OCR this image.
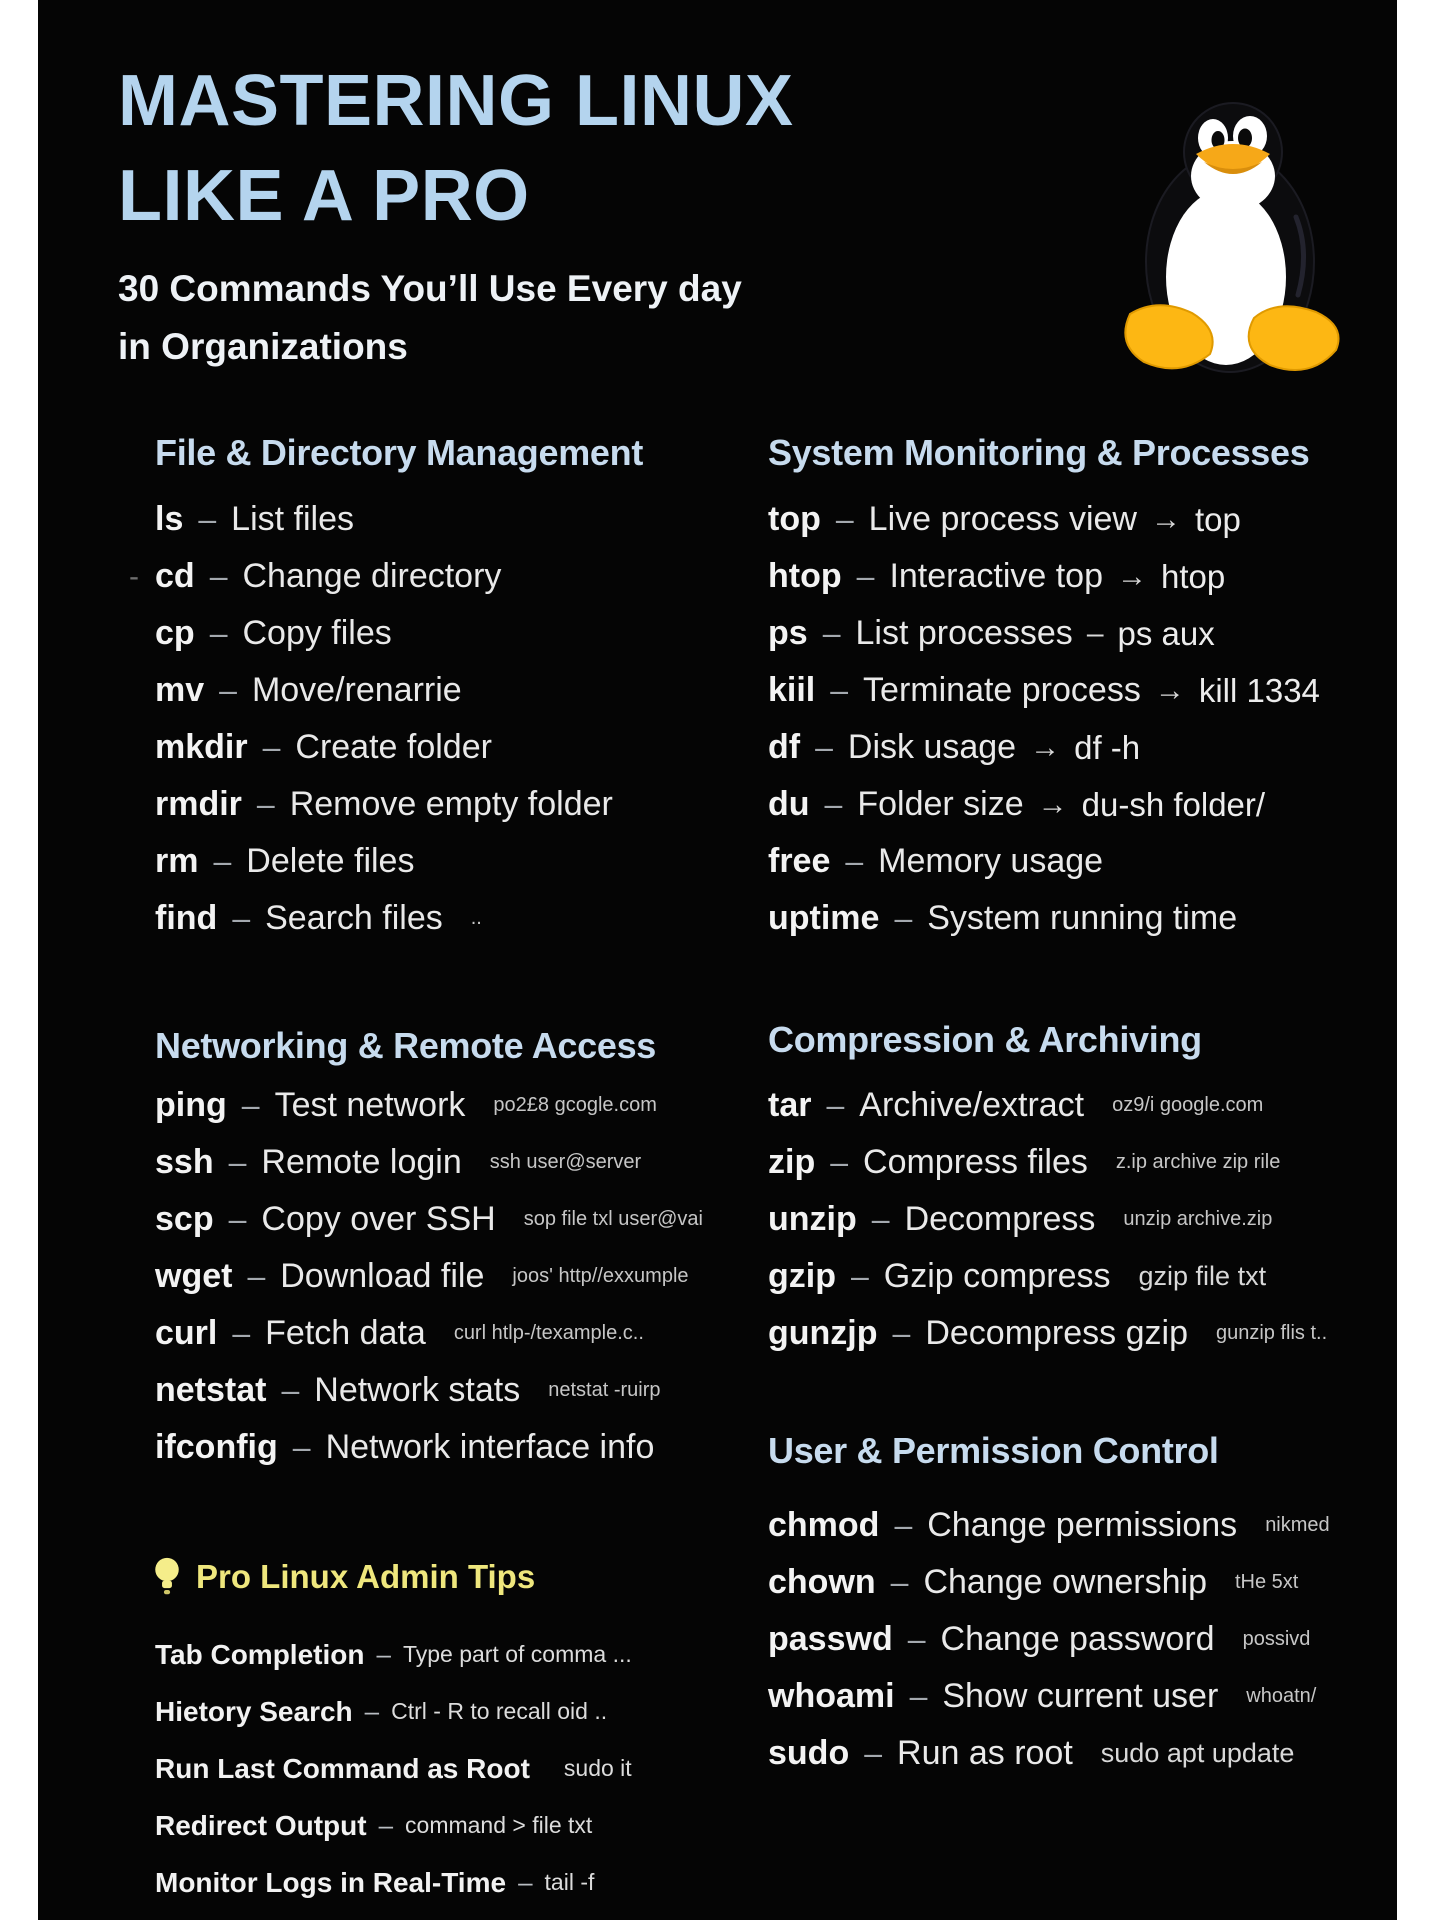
MASTERING LINUX
LIKE A PRO
30 Commands You’ll Use Every day
in Organizations
File & Directory Management
ls – List files
- cd – Change directory
cp – Copy files
mv – Move/renarrie
mkdir – Create folder
rmdir – Remove empty folder
rm – Delete files
find – Search files ..
System Monitoring & Processes
top – Live process view → top
htop – Interactive top → htop
ps – List processes – ps aux
kiil – Terminate process → kill 1334
df – Disk usage → df -h
du – Folder size → du-sh folder/
free – Memory usage
uptime – System running time
Networking & Remote Access
ping – Test network po2£8 gcogle.com
ssh – Remote login ssh user@server
scp – Copy over SSH sop file txl user@vai
wget – Download file joos' http//exxumple
curl – Fetch data curl htlp-/texample.c..
netstat – Network stats netstat -ruirp
ifconfig – Network interface info
Compression & Archiving
tar – Archive/extract oz9/i google.com
zip – Compress files z.ip archive zip rile
unzip – Decompress unzip archive.zip
gzip – Gzip compress gzip file txt
gunzjp – Decompress gzip gunzip flis t..
User & Permission Control
chmod – Change permissions nikmed
chown – Change ownership tHe 5xt
passwd – Change password possivd
whoami – Show current user whoatn/
sudo – Run as root sudo apt update
Pro Linux Admin Tips
Tab Completion – Type part of comma ...
Hietory Search – Ctrl - R to recall oid ..
Run Last Command as Root sudo it
Redirect Output – command > file txt
Monitor Logs in Real-Time – tail -f
